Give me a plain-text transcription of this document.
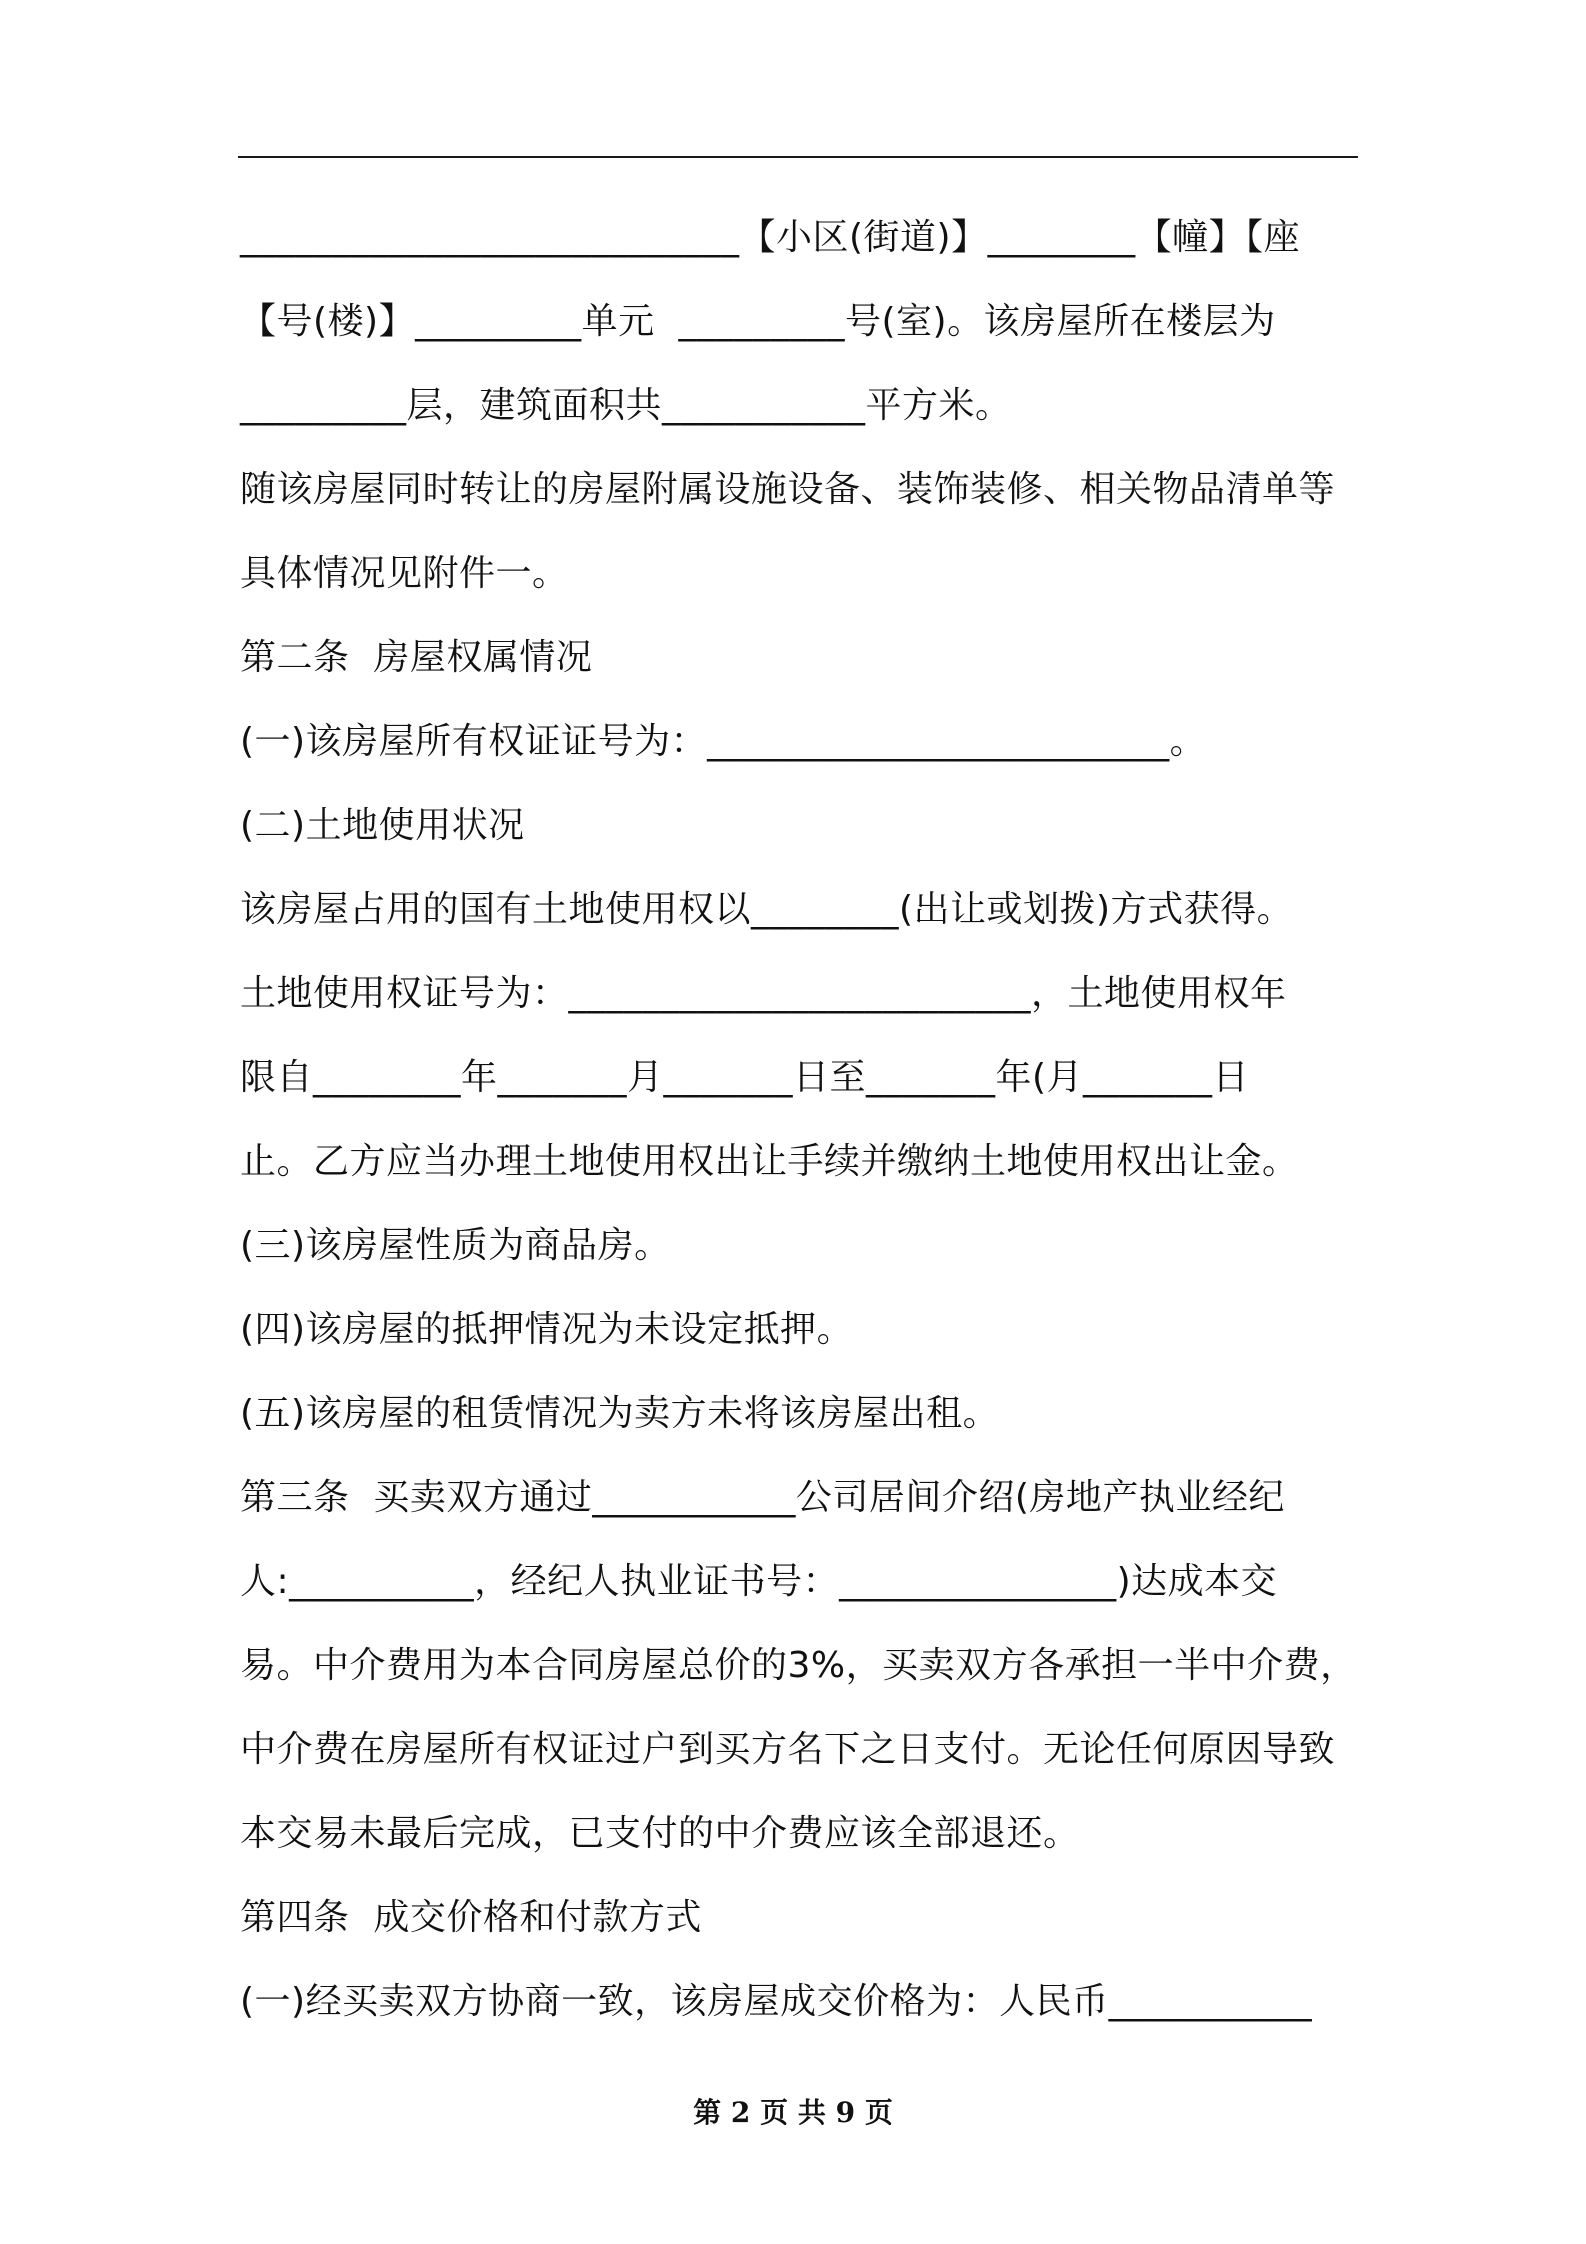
___________________________【小区(街道)】________【幢】【座
【号(楼)】_________单元  _________号(室)。该房屋所在楼层为
_________层，建筑面积共___________平方米。
随该房屋同时转让的房屋附属设施设备、装饰装修、相关物品清单等
具体情况见附件一。
第二条  房屋权属情况
(一)该房屋所有权证证号为：_________________________。
(二)土地使用状况
该房屋占用的国有土地使用权以________(出让或划拨)方式获得。
土地使用权证号为：_________________________，土地使用权年
限自________年_______月_______日至_______年(月_______日
止。乙方应当办理土地使用权出让手续并缴纳土地使用权出让金。
(三)该房屋性质为商品房。
(四)该房屋的抵押情况为未设定抵押。
(五)该房屋的租赁情况为卖方未将该房屋出租。
第三条  买卖双方通过___________公司居间介绍(房地产执业经纪
人:__________，经纪人执业证书号：_______________)达成本交
易。中介费用为本合同房屋总价的3%，买卖双方各承担一半中介费，
中介费在房屋所有权证过户到买方名下之日支付。无论任何原因导致
本交易未最后完成，已支付的中介费应该全部退还。
第四条  成交价格和付款方式
(一)经买卖双方协商一致，该房屋成交价格为：人民币___________
第 2 页 共 9 页
